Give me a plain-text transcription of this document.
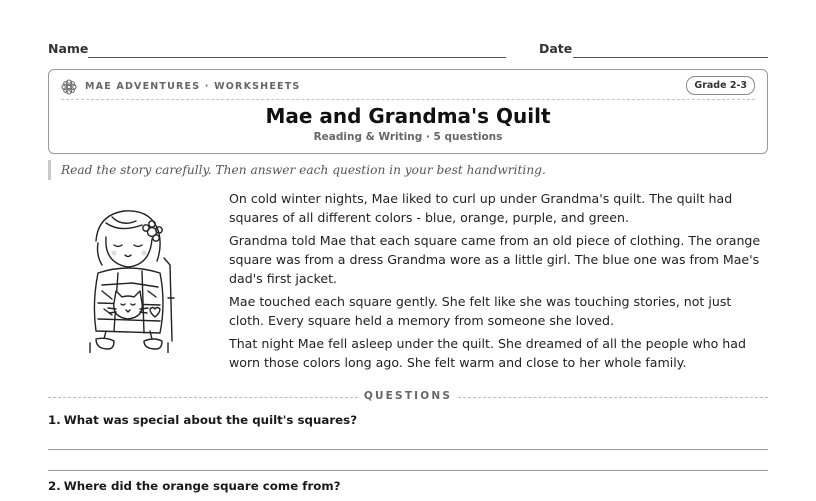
Name	Date
MAE ADVENTURES · WORKSHEETS	Grade 2-3
Mae and Grandma's Quilt
Reading & Writing · 5 questions
Read the story carefully. Then answer each question in your best handwriting.

On cold winter nights, Mae liked to curl up under Grandma's quilt. The quilt had squares of all different colors - blue, orange, purple, and green.

Grandma told Mae that each square came from an old piece of clothing. The orange square was from a dress Grandma wore as a little girl. The blue one was from Mae's dad's first jacket.

Mae touched each square gently. She felt like she was touching stories, not just cloth. Every square held a memory from someone she loved.

That night Mae fell asleep under the quilt. She dreamed of all the people who had worn those colors long ago. She felt warm and close to her whole family.

QUESTIONS
1. What was special about the quilt's squares?
2. Where did the orange square come from?
